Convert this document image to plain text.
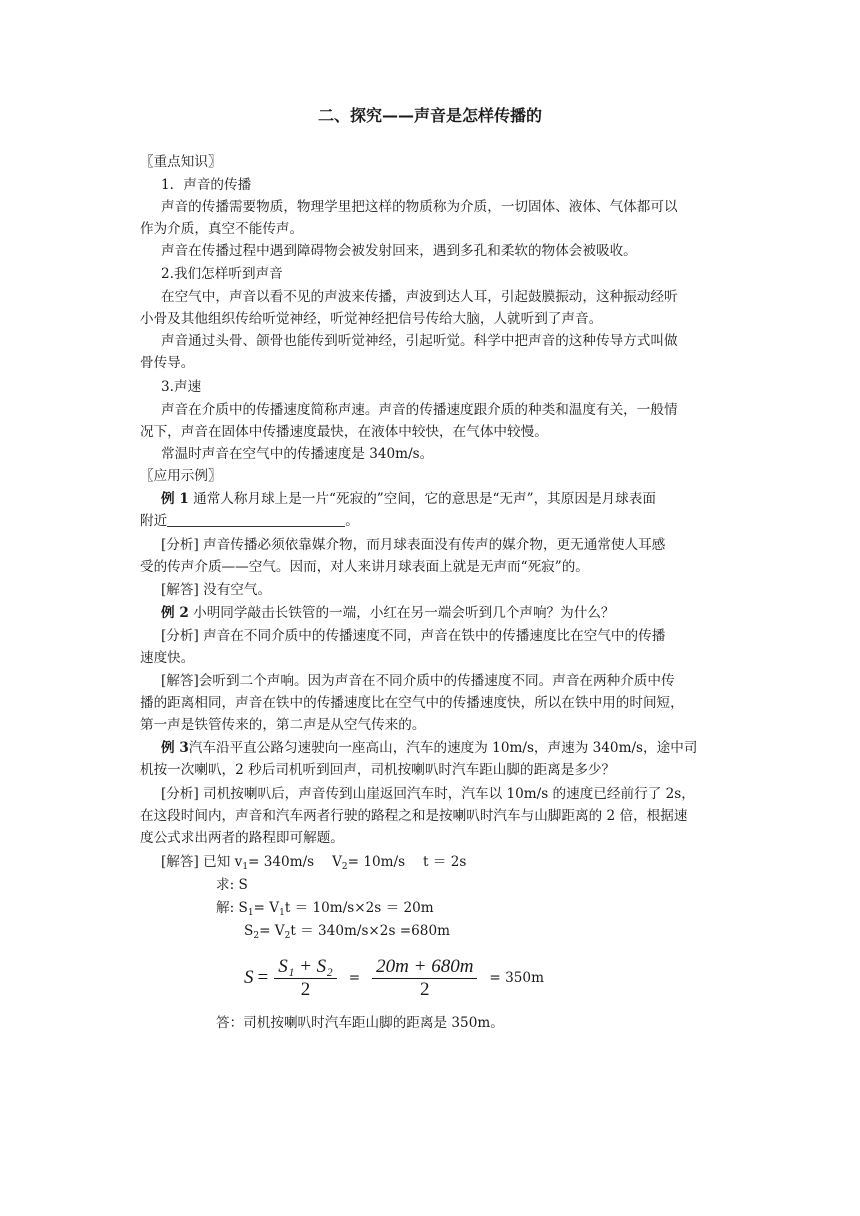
二、探究——声音是怎样传播的
〖重点知识〗
1．声音的传播
声音的传播需要物质，物理学里把这样的物质称为介质，一切固体、液体、气体都可以
作为介质，真空不能传声。
声音在传播过程中遇到障碍物会被发射回来，遇到多孔和柔软的物体会被吸收。
2.我们怎样听到声音
在空气中，声音以看不见的声波来传播，声波到达人耳，引起鼓膜振动，这种振动经听
小骨及其他组织传给听觉神经，听觉神经把信号传给大脑，人就听到了声音。
声音通过头骨、颌骨也能传到听觉神经，引起听觉。科学中把声音的这种传导方式叫做
骨传导。
3.声速
声音在介质中的传播速度简称声速。声音的传播速度跟介质的种类和温度有关，一般情
况下，声音在固体中传播速度最快，在液体中较快，在气体中较慢。
常温时声音在空气中的传播速度是 340m/s。
〖应用示例〗
例 1 通常人称月球上是一片“死寂的”空间，它的意思是“无声”，其原因是月球表面
附近	。
[分析] 声音传播必须依靠媒介物，而月球表面没有传声的媒介物，更无通常使人耳感
受的传声介质——空气。因而，对人来讲月球表面上就是无声而“死寂”的。
[解答] 没有空气。
例 2 小明同学敲击长铁管的一端，小红在另一端会听到几个声响？为什么？
[分析] 声音在不同介质中的传播速度不同，声音在铁中的传播速度比在空气中的传播
速度快。
[解答]会听到二个声响。因为声音在不同介质中的传播速度不同。声音在两种介质中传
播的距离相同，声音在铁中的传播速度比在空气中的传播速度快，所以在铁中用的时间短，
第一声是铁管传来的，第二声是从空气传来的。
例 3汽车沿平直公路匀速驶向一座高山，汽车的速度为 10m/s，声速为 340m/s，途中司
机按一次喇叭，2 秒后司机听到回声，司机按喇叭时汽车距山脚的距离是多少？
[分析] 司机按喇叭后，声音传到山崖返回汽车时，汽车以 10m/s 的速度已经前行了 2s，
在这段时间内，声音和汽车两者行驶的路程之和是按喇叭时汽车与山脚距离的 2 倍，根据速
度公式求出两者的路程即可解题。
[解答] 已知 $v_1= 340m/s$　 $V_2= 10m/s$　 t ＝ 2s
求: S
解: $S_1= V_1t = 10m/s\times 2s = 20m$
$S_2= V_2t = 340m/s\times 2s =680m$
$S = \frac{\text{S₁ + S₂}}{2} = \frac{20m + 680m}{2} = 350m$
答：司机按喇叭时汽车距山脚的距离是 350m。
